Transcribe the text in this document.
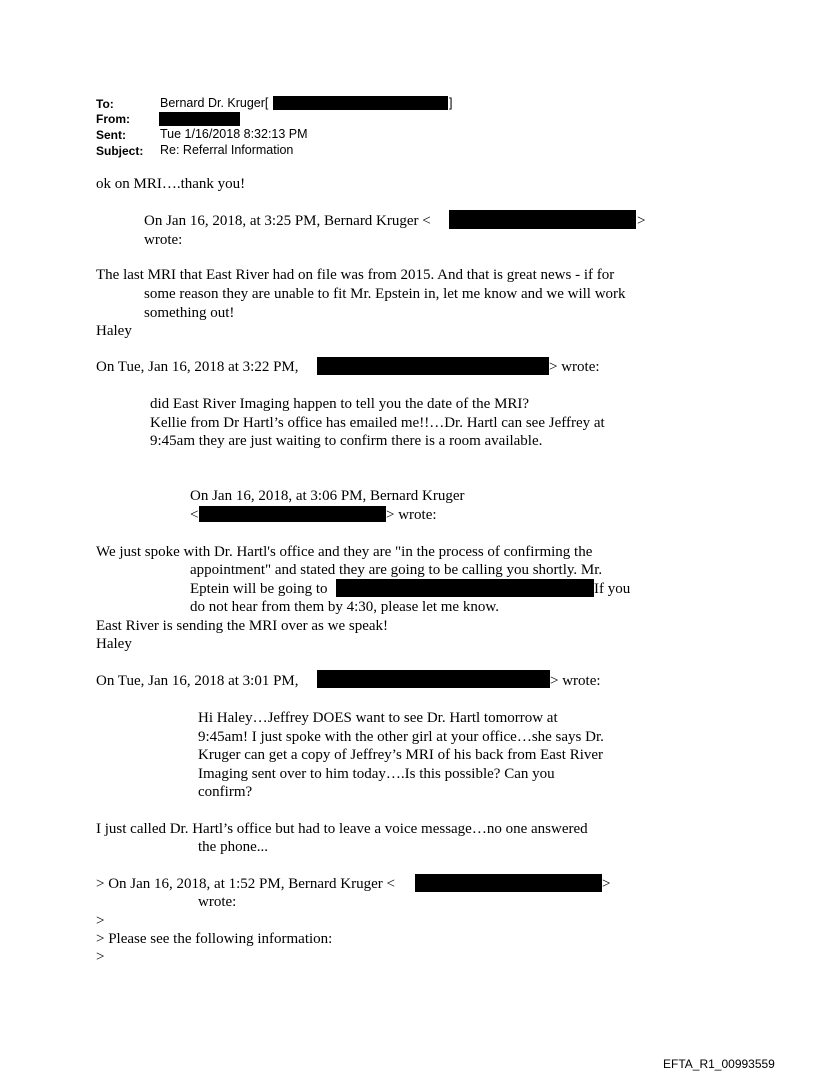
To:	Bernard Dr. Kruger[	]
From:
Sent:	Tue 1/16/2018 8:32:13 PM
Subject: Re: Referral Information
ok on MRI….thank you!
On Jan 16, 2018, at 3:25 PM, Bernard Kruger <	>
wrote:
The last MRI that East River had on file was from 2015. And that is great news - if for
some reason they are unable to fit Mr. Epstein in, let me know and we will work
something out!
Haley
On Tue, Jan 16, 2018 at 3:22 PM,	> wrote:
did East River Imaging happen to tell you the date of the MRI?
Kellie from Dr Hartl’s office has emailed me!!…Dr. Hartl can see Jeffrey at
9:45am they are just waiting to confirm there is a room available.
On Jan 16, 2018, at 3:06 PM, Bernard Kruger
<	> wrote:
We just spoke with Dr. Hartl's office and they are "in the process of confirming the
appointment" and stated they are going to be calling you shortly. Mr.
Eptein will be going to	If you
do not hear from them by 4:30, please let me know.
East River is sending the MRI over as we speak!
Haley
On Tue, Jan 16, 2018 at 3:01 PM,	> wrote:
Hi Haley…Jeffrey DOES want to see Dr. Hartl tomorrow at
9:45am! I just spoke with the other girl at your office…she says Dr.
Kruger can get a copy of Jeffrey’s MRI of his back from East River
Imaging sent over to him today….Is this possible? Can you
confirm?
I just called Dr. Hartl’s office but had to leave a voice message…no one answered
the phone...
> On Jan 16, 2018, at 1:52 PM, Bernard Kruger <	>
wrote:
>
> Please see the following information:
>
EFTA_R1_00993559
